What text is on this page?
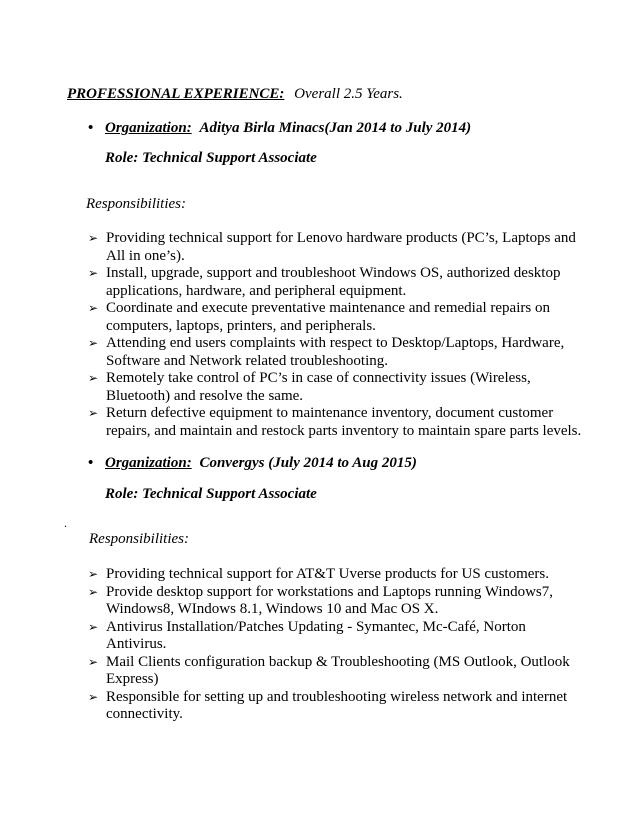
PROFESSIONAL EXPERIENCE: Overall 2.5 Years.
• Organization: Aditya Birla Minacs(Jan 2014 to July 2014)
Role: Technical Support Associate
Responsibilities:
➢ Providing technical support for Lenovo hardware products (PC’s, Laptops and All in one’s).
➢ Install, upgrade, support and troubleshoot Windows OS, authorized desktop applications, hardware, and peripheral equipment.
➢ Coordinate and execute preventative maintenance and remedial repairs on computers, laptops, printers, and peripherals.
➢ Attending end users complaints with respect to Desktop/Laptops, Hardware, Software and Network related troubleshooting.
➢ Remotely take control of PC’s in case of connectivity issues (Wireless, Bluetooth) and resolve the same.
➢ Return defective equipment to maintenance inventory, document customer repairs, and maintain and restock parts inventory to maintain spare parts levels.
• Organization: Convergys (July 2014 to Aug 2015)
Role: Technical Support Associate
.
Responsibilities:
➢ Providing technical support for AT&T Uverse products for US customers.
➢ Provide desktop support for workstations and Laptops running Windows7, Windows8, WIndows 8.1, Windows 10 and Mac OS X.
➢ Antivirus Installation/Patches Updating - Symantec, Mc-Café, Norton Antivirus.
➢ Mail Clients configuration backup & Troubleshooting (MS Outlook, Outlook Express)
➢ Responsible for setting up and troubleshooting wireless network and internet connectivity.
